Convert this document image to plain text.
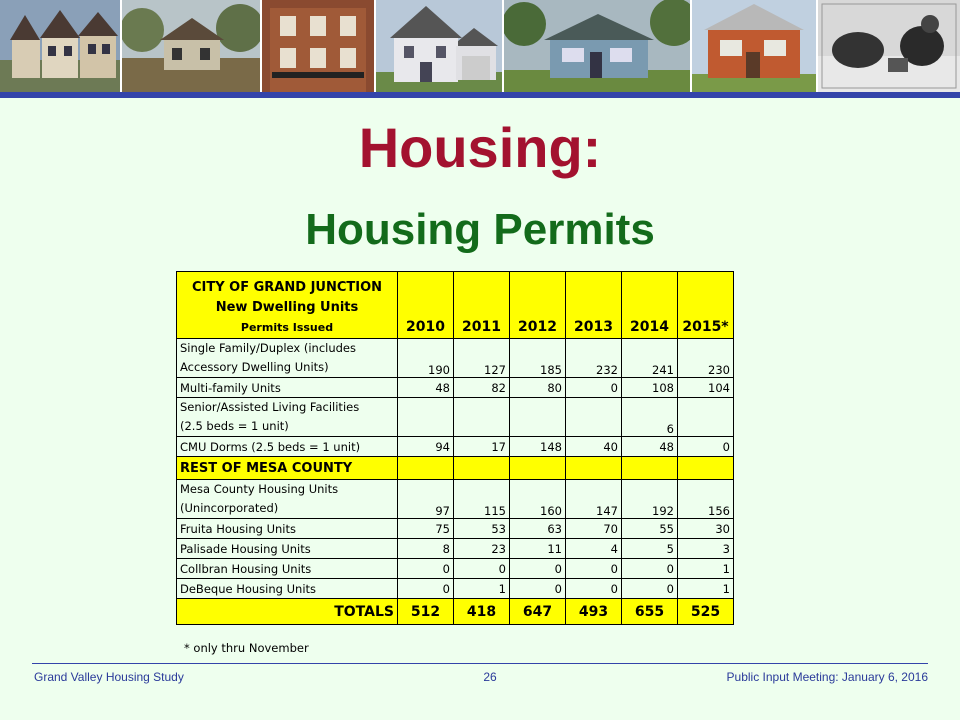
Housing:
Housing Permits
CITY OF GRAND JUNCTION
New Dwelling Units
Permits Issued	2010	2011	2012	2013	2014	2015*

Single Family/Duplex (includes
Accessory Dwelling Units)	190	127	185	232	241	230

Multi-family Units	48	82	80	0	108	104

Senior/Assisted Living Facilities
(2.5 beds = 1 unit)					6	

CMU Dorms (2.5 beds = 1 unit)	94	17	148	40	48	0
REST OF MESA COUNTY						

Mesa County Housing Units
(Unincorporated)	97	115	160	147	192	156

Fruita Housing Units	75	53	63	70	55	30

Palisade Housing Units	8	23	11	4	5	3

Collbran Housing Units	0	0	0	0	0	1

DeBeque Housing Units	0	1	0	0	0	1
TOTALS	512	418	647	493	655	525
* only thru November
Grand Valley Housing Study	26	Public Input Meeting: January 6, 2016
